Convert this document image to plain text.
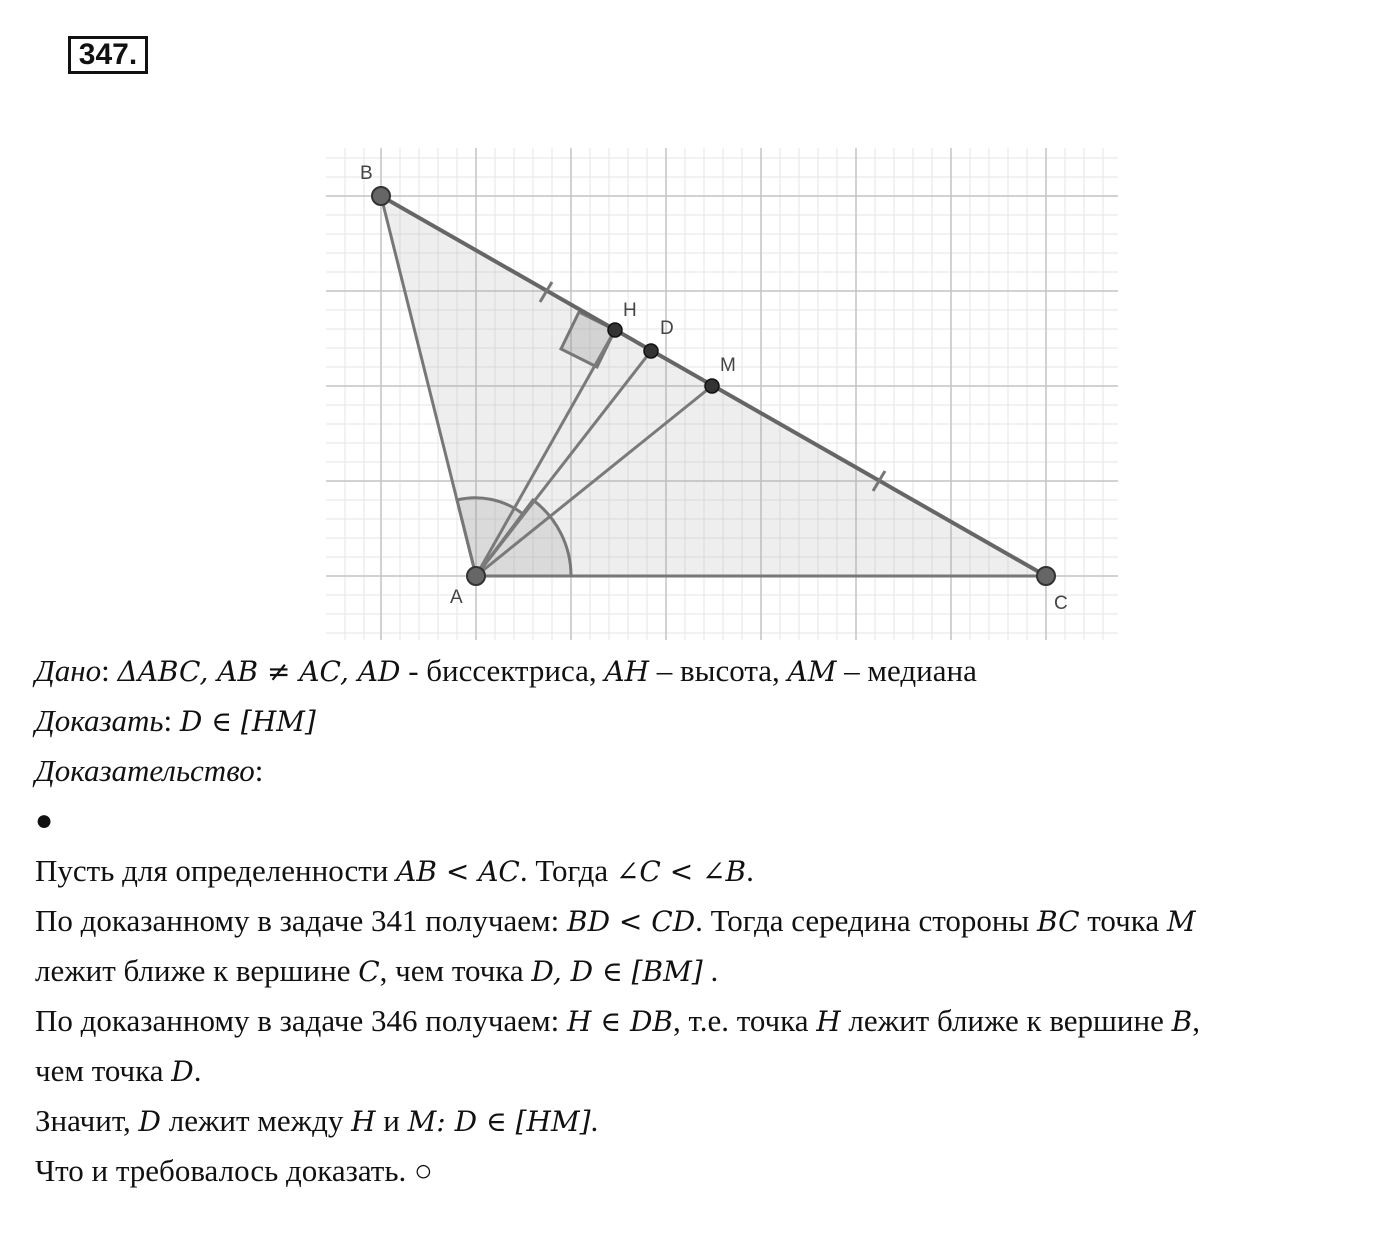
347.
B
H
D
M
A	C
Дано: ΔABC, AB ≠ AC, AD - биссектриса, AH – высота, AM – медиана
Доказать: D ∈ [HM]
Доказательство:
●
Пусть для определенности AB < AC. Тогда ∠C < ∠B.
По доказанному в задаче 341 получаем: BD < CD. Тогда середина стороны BC точка M
лежит ближе к вершине C, чем точка D, D ∈ [BM] .
По доказанному в задаче 346 получаем: H ∈ DB, т.е. точка H лежит ближе к вершине B,
чем точка D.
Значит, D лежит между H и M: D ∈ [HM].
Что и требовалось доказать. ○
